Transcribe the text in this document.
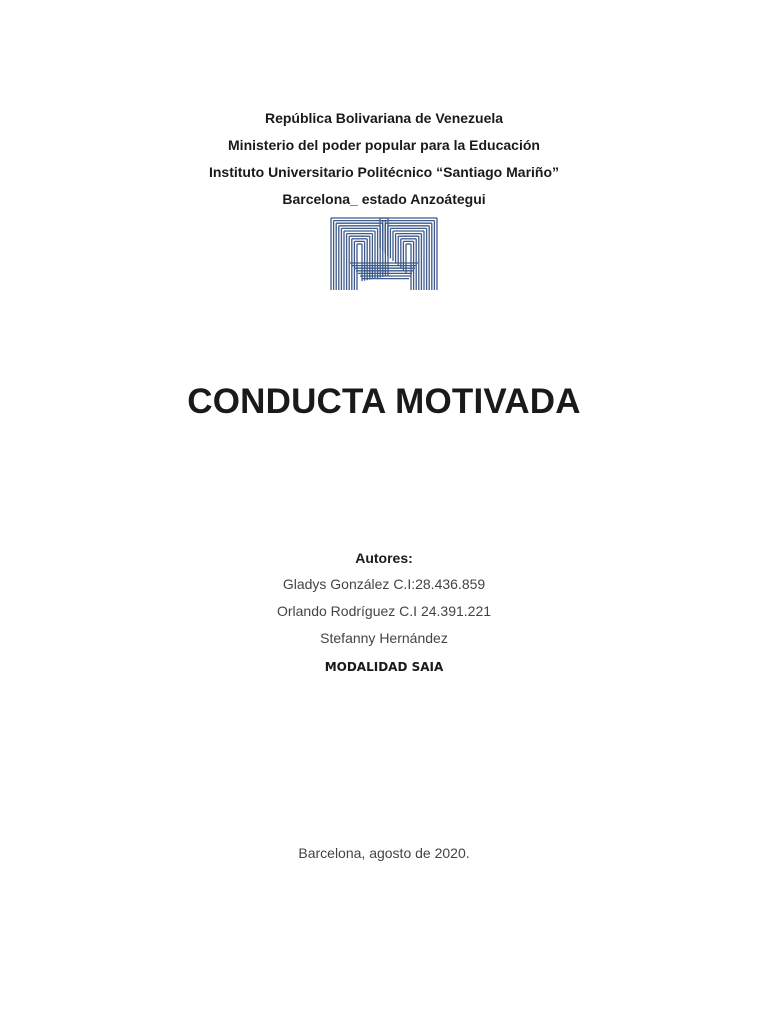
República Bolivariana de Venezuela
Ministerio del poder popular para la Educación
Instituto Universitario Politécnico “Santiago Mariño”
Barcelona_ estado Anzoátegui
CONDUCTA MOTIVADA
Autores:
Gladys González C.I:28.436.859
Orlando Rodríguez C.I 24.391.221
Stefanny Hernández
MODALIDAD SAIA
Barcelona, agosto de 2020.
